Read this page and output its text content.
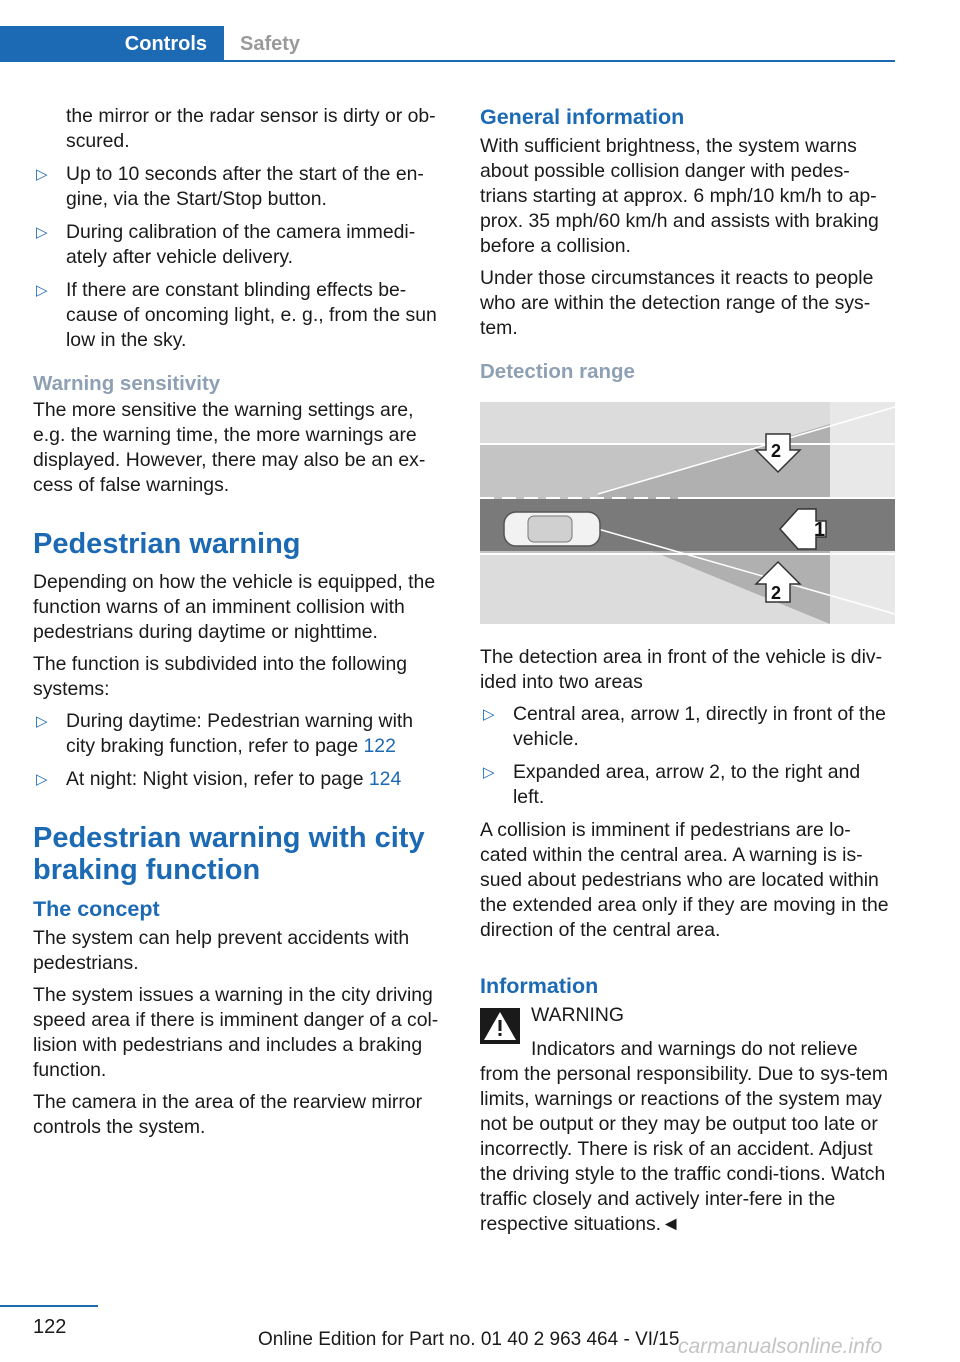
Controls	Safety
the mirror or the radar sensor is dirty or ob-scured.
▷ Up to 10 seconds after the start of the en-gine, via the Start/Stop button.
▷ During calibration of the camera immedi-ately after vehicle delivery.
▷ If there are constant blinding effects be-cause of oncoming light, e. g., from the sun low in the sky.
Warning sensitivity

The more sensitive the warning settings are, e.g. the warning time, the more warnings are displayed. However, there may also be an ex-cess of false warnings.

Pedestrian warning

Depending on how the vehicle is equipped, the function warns of an imminent collision with pedestrians during daytime or nighttime.

The function is subdivided into the following systems:

▷ During daytime: Pedestrian warning with city braking function, refer to page 122
▷ At night: Night vision, refer to page 124
Pedestrian warning with city braking function
The concept

The system can help prevent accidents with pedestrians.

The system issues a warning in the city driving speed area if there is imminent danger of a col-lision with pedestrians and includes a braking function.

The camera in the area of the rearview mirror controls the system.

General information

With sufficient brightness, the system warns about possible collision danger with pedes-trians starting at approx. 6 mph/10 km/h to ap-prox. 35 mph/60 km/h and assists with braking before a collision.

Under those circumstances it reacts to people who are within the detection range of the sys-tem.

Detection range
1
2
2

The detection area in front of the vehicle is div-ided into two areas

▷ Central area, arrow 1, directly in front of the vehicle.
▷ Expanded area, arrow 2, to the right and left.

A collision is imminent if pedestrians are lo-cated within the central area. A warning is is-sued about pedestrians who are located within the extended area only if they are moving in the direction of the central area.

Information
WARNING

Indicators and warnings do not relieve from the personal responsibility. Due to sys-tem limits, warnings or reactions of the system may not be output or they may be output too late or incorrectly. There is risk of an accident. Adjust the driving style to the traffic condi-tions. Watch traffic closely and actively inter-fere in the respective situations.◄

122
Online Edition for Part no. 01 40 2 963 464 - VI/15
carmanualsonline.info
